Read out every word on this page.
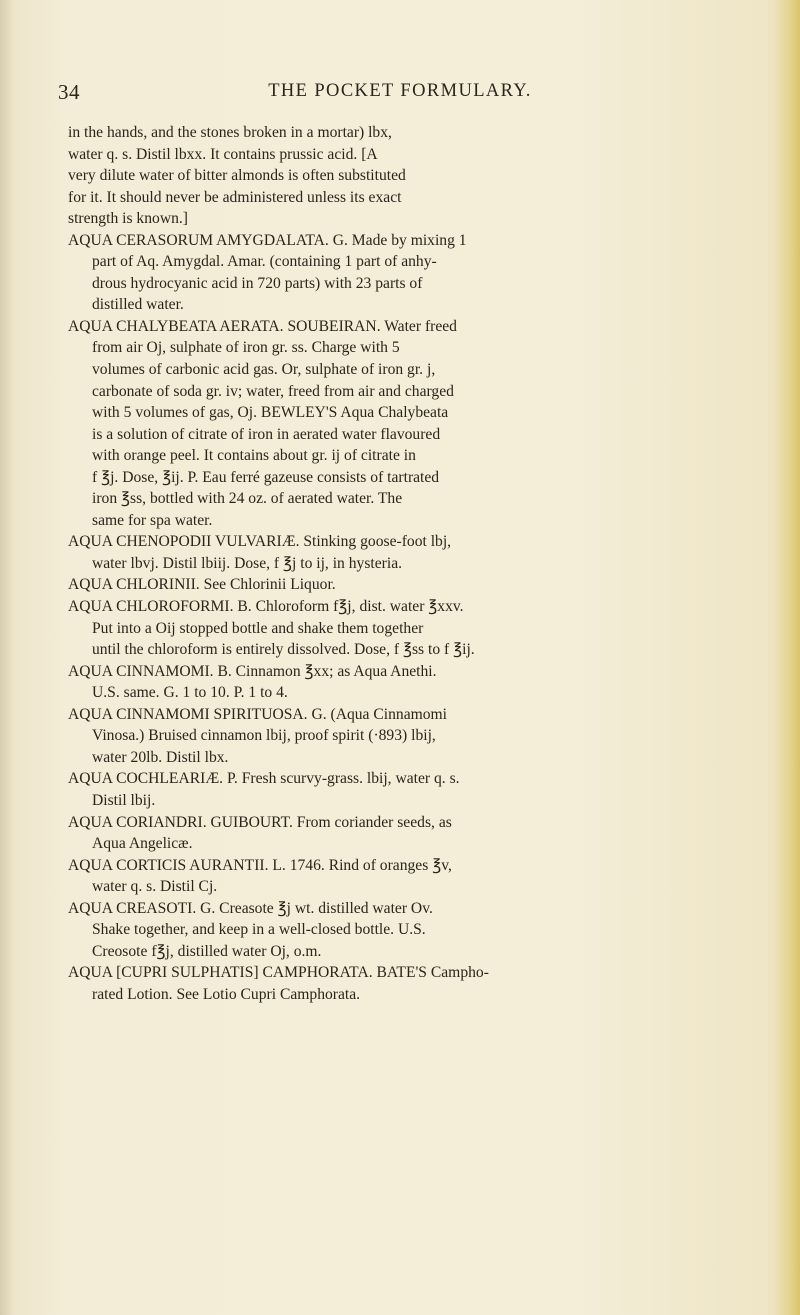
34	THE POCKET FORMULARY.
in the hands, and the stones broken in a mortar) lbx,
water q. s. Distil lbxx. It contains prussic acid. [A
very dilute water of bitter almonds is often substituted
for it. It should never be administered unless its exact
strength is known.]
AQUA CERASORUM AMYGDALATA. G. Made by mixing 1
part of Aq. Amygdal. Amar. (containing 1 part of anhy-
drous hydrocyanic acid in 720 parts) with 23 parts of
distilled water.
AQUA CHALYBEATA AERATA. SOUBEIRAN. Water freed
from air Oj, sulphate of iron gr. ss. Charge with 5
volumes of carbonic acid gas. Or, sulphate of iron gr. j,
carbonate of soda gr. iv; water, freed from air and charged
with 5 volumes of gas, Oj. BEWLEY'S Aqua Chalybeata
is a solution of citrate of iron in aerated water flavoured
with orange peel. It contains about gr. ij of citrate in
f ℥j. Dose, ℥ij. P. Eau ferré gazeuse consists of tartrated
iron ℥ss, bottled with 24 oz. of aerated water. The
same for spa water.
AQUA CHENOPODII VULVARIÆ. Stinking goose-foot lbj,
water lbvj. Distil lbiij. Dose, f ℥j to ij, in hysteria.
AQUA CHLORINII. See Chlorinii Liquor.
AQUA CHLOROFORMI. B. Chloroform f℥j, dist. water ℥xxv.
Put into a Oij stopped bottle and shake them together
until the chloroform is entirely dissolved. Dose, f ℥ss to f ℥ij.
AQUA CINNAMOMI. B. Cinnamon ℥xx; as Aqua Anethi.
U.S. same. G. 1 to 10. P. 1 to 4.
AQUA CINNAMOMI SPIRITUOSA. G. (Aqua Cinnamomi
Vinosa.) Bruised cinnamon lbij, proof spirit (·893) lbij,
water 20lb. Distil lbx.
AQUA COCHLEARIÆ. P. Fresh scurvy-grass. lbij, water q. s.
Distil lbij.
AQUA CORIANDRI. GUIBOURT. From coriander seeds, as
Aqua Angelicæ.
AQUA CORTICIS AURANTII. L. 1746. Rind of oranges ℥v,
water q. s. Distil Cj.
AQUA CREASOTI. G. Creasote ℥j wt. distilled water Ov.
Shake together, and keep in a well-closed bottle. U.S.
Creosote f℥j, distilled water Oj, o.m.
AQUA [CUPRI SULPHATIS] CAMPHORATA. BATE'S Campho-
rated Lotion. See Lotio Cupri Camphorata.
